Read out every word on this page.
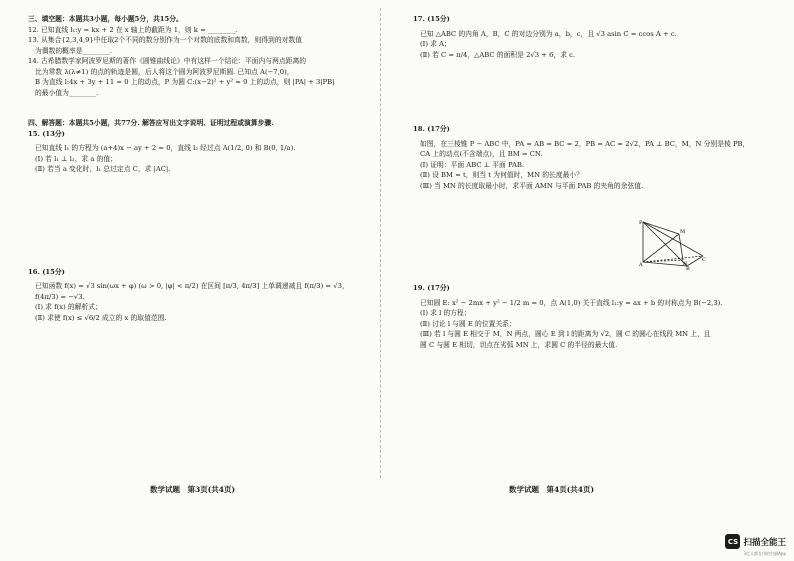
三、填空题：本题共3小题，每小题5分，共15分。

12. 已知直线 l₁:y = kx + 2 在 x 轴上的截距为 1，则 k = ________.

13. 从集合{2,3,4,9}中任取2个不同的数分别作为一个对数的底数和真数，则得到的对数值

为偶数的概率是________.

14. 古希腊数学家阿波罗尼斯的著作《圆锥曲线论》中有这样一个结论：平面内与两点距离的

比为常数 λ(λ≠1) 的点的轨迹是圆，后人将这个圆为阿波罗尼斯圆. 已知点 A(−7,0)，

B 为直线 l:4x + 3y + 11 = 0 上的动点，P 为圆 C:(x−2)² + y² = 9 上的动点，则 |PA| + 3|PB|

的最小值为________.

四、解答题：本题共5小题，共77分. 解答应写出文字说明、证明过程或演算步骤.

15. (13分)

已知直线 l₁ 的方程为 (a+4)x − ay + 2 = 0，直线 l₂ 经过点 A(1/2, 0) 和 B(0, 1/a).

(Ⅰ) 若 l₁ ⊥ l₂，求 a 的值；

(Ⅱ) 若当 a 变化时，l₁ 总过定点 C，求 |AC|.

16. (15分)

已知函数 f(x) = √3 sin(ωx + φ) (ω > 0, |φ| < π/2) 在区间 [π/3, 4π/3] 上单调递减且 f(π/3) = √3，

f(4π/3) = −√3.

(Ⅰ) 求 f(x) 的解析式；

(Ⅱ) 求使 f(x) ≤ √6/2 成立的 x 的取值范围.

数学试题　第3页(共4页)

17. (15分)

已知 △ABC 的内角 A，B，C 的对边分别为 a，b，c，且 √3 asin C = ccos A + c.

(Ⅰ) 求 A；

(Ⅱ) 若 C = π/4，△ABC 的面积是 2√3 + 6，求 c.

18. (17分)

如图，在三棱锥 P − ABC 中，PA = AB = BC = 2，PB = AC = 2√2，PA ⊥ BC，M，N 分别是棱 PB，

CA 上的动点(不含端点)，且 BM = CN.

(Ⅰ) 证明：平面 ABC ⊥ 平面 PAB.

(Ⅱ) 设 BM = t，则当 t 为何值时，MN 的长度最小？

(Ⅲ) 当 MN 的长度取最小时，求平面 AMN 与平面 PAB 的夹角的余弦值.

P
M
A	N
B
C

19. (17分)

已知圆 E: x² − 2mx + y² − 1/2 m = 0，点 A(1,0) 关于直线 l₁:y = ax + b 的对称点为 B(−2,3).

(Ⅰ) 求 l 的方程；

(Ⅱ) 讨论 l 与圆 E 的位置关系；

(Ⅲ) 若 l 与圆 E 相交于 M，N 两点，圆心 E 到 l 的距离为 √2，圆 C 的圆心在线段 MN 上，且

圆 C 与圆 E 相切，切点在劣弧 MN 上，求圆 C 的半径的最大值.

数学试题　第4页(共4页)
CS 扫描全能王
3亿人都在用的扫描App
